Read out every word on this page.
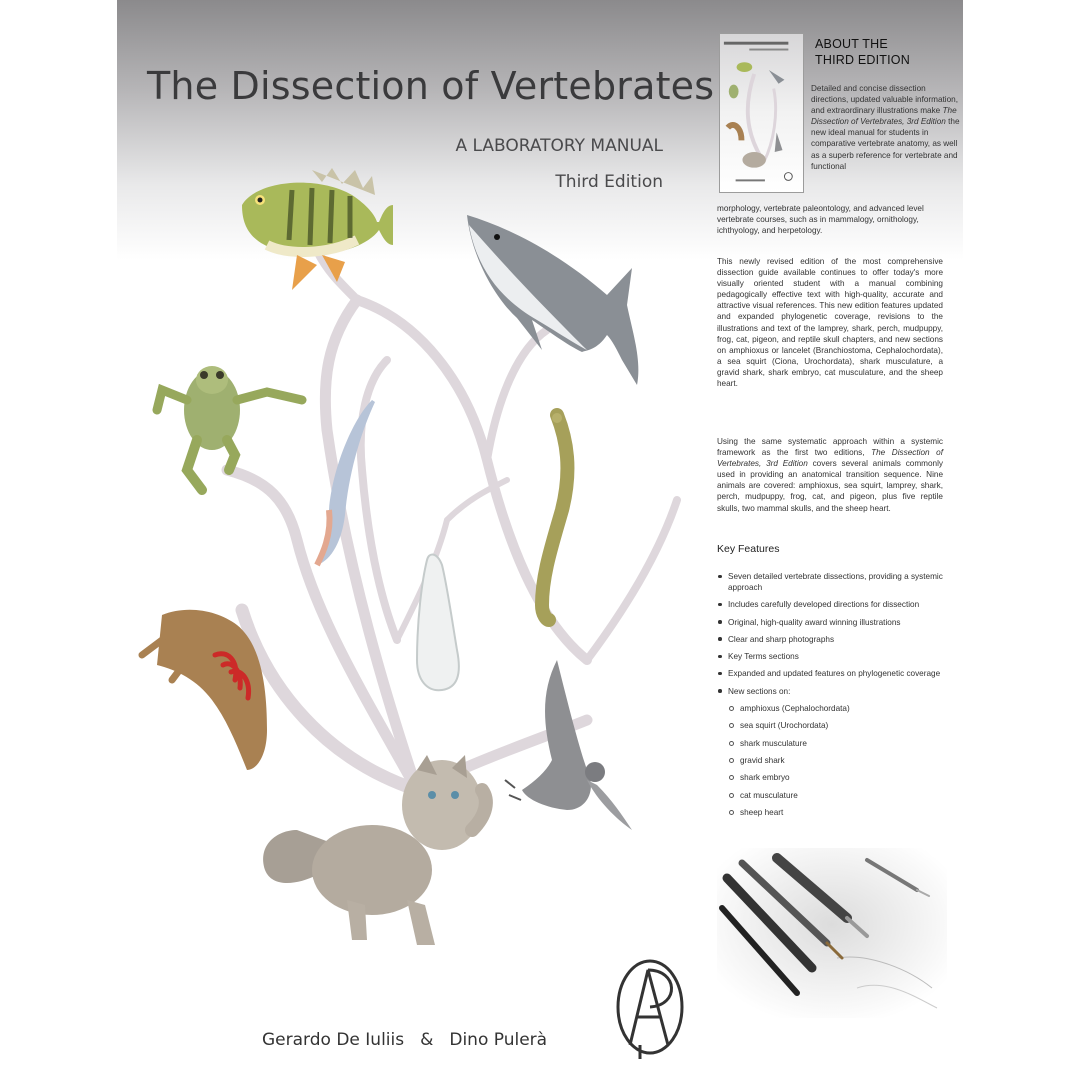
The Dissection of Vertebrates
A LABORATORY MANUAL
Third Edition
Gerardo De Iuliis & Dino Pulerà
ABOUT THE
THIRD EDITION
Detailed and concise dissection directions, updated valuable information, and extraordinary illustrations make The Dissection of Vertebrates, 3rd Edition the new ideal manual for students in comparative vertebrate anatomy, as well as a superb reference for vertebrate and functional
morphology, vertebrate paleontology, and advanced level vertebrate courses, such as in mammalogy, ornithology, ichthyology, and herpetology.
This newly revised edition of the most comprehensive dissection guide available continues to offer today's more visually oriented student with a manual combining pedagogically effective text with high-quality, accurate and attractive visual references. This new edition features updated and expanded phylogenetic coverage, revisions to the illustrations and text of the lamprey, shark, perch, mudpuppy, frog, cat, pigeon, and reptile skull chapters, and new sections on amphioxus or lancelet (Branchiostoma, Cephalochordata), a sea squirt (Ciona, Urochordata), shark musculature, a gravid shark, shark embryo, cat musculature, and the sheep heart.
Using the same systematic approach within a systemic framework as the first two editions, The Dissection of Vertebrates, 3rd Edition covers several animals commonly used in providing an anatomical transition sequence. Nine animals are covered: amphioxus, sea squirt, lamprey, shark, perch, mudpuppy, frog, cat, and pigeon, plus five reptile skulls, two mammal skulls, and the sheep heart.
Key Features
Seven detailed vertebrate dissections, providing a systemic approach
Includes carefully developed directions for dissection
Original, high-quality award winning illustrations
Clear and sharp photographs
Key Terms sections
Expanded and updated features on phylogenetic coverage
New sections on:
amphioxus (Cephalochordata)
sea squirt (Urochordata)
shark musculature
gravid shark
shark embryo
cat musculature
sheep heart
